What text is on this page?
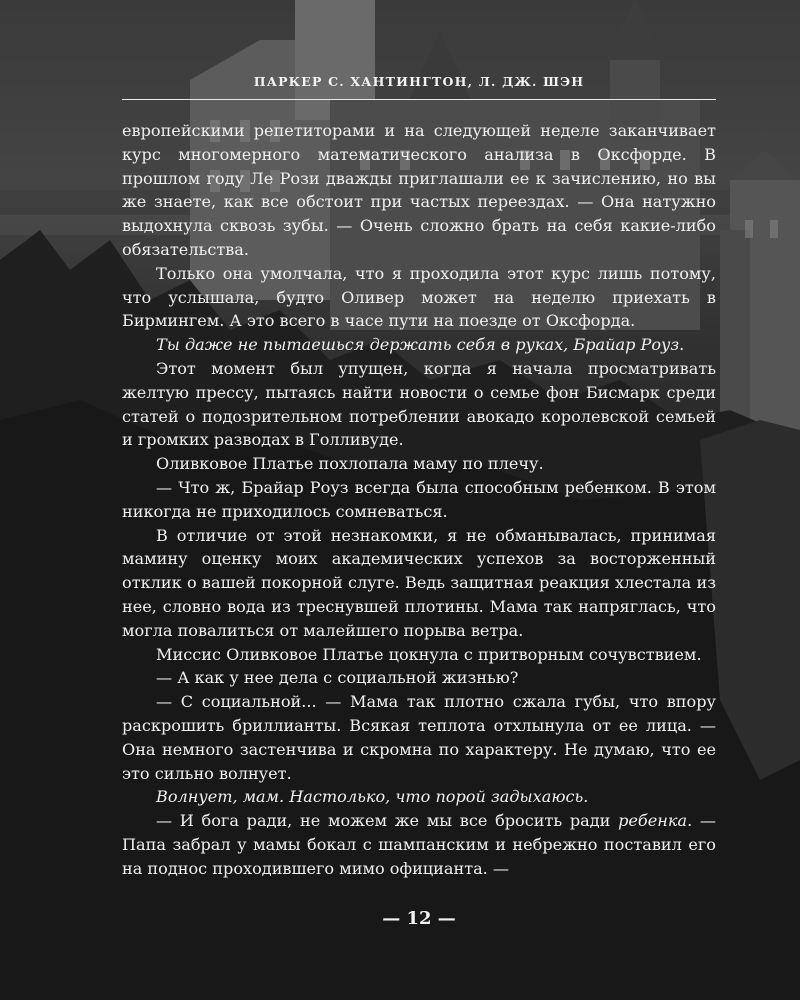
ПАРКЕР С. ХАНТИНГТОН, Л. ДЖ. ШЭН

европейскими репетиторами и на следующей неделе заканчивает курс многомерного математического анализа в Оксфорде. В прошлом году Ле Рози дважды приглашали ее к зачислению, но вы же знаете, как все обстоит при частых переездах. — Она натужно выдохнула сквозь зубы. — Очень сложно брать на себя какие-либо обязательства.

Только она умолчала, что я проходила этот курс лишь потому, что услышала, будто Оливер может на неделю приехать в Бирмингем. А это всего в часе пути на поезде от Оксфорда.

Ты даже не пытаешься держать себя в руках, Брайар Роуз.

Этот момент был упущен, когда я начала просматривать желтую прессу, пытаясь найти новости о семье фон Бисмарк среди статей о подозрительном потреблении авокадо королевской семьей и громких разводах в Голливуде.

Оливковое Платье похлопала маму по плечу.

— Что ж, Брайар Роуз всегда была способным ребенком. В этом никогда не приходилось сомневаться.

В отличие от этой незнакомки, я не обманывалась, принимая мамину оценку моих академических успехов за восторженный отклик о вашей покорной слуге. Ведь защитная реакция хлестала из нее, словно вода из треснувшей плотины. Мама так напряглась, что могла повалиться от малейшего порыва ветра.

Миссис Оливковое Платье цокнула с притворным сочувствием.

— А как у нее дела с социальной жизнью?

— С социальной... — Мама так плотно сжала губы, что впору раскрошить бриллианты. Всякая теплота отхлынула от ее лица. — Она немного застенчива и скромна по характеру. Не думаю, что ее это сильно волнует.

Волнует, мам. Настолько, что порой задыхаюсь.

— И бога ради, не можем же мы все бросить ради ребенка. — Папа забрал у мамы бокал с шампанским и небрежно поставил его на поднос проходившего мимо официанта. —

— 12 —
